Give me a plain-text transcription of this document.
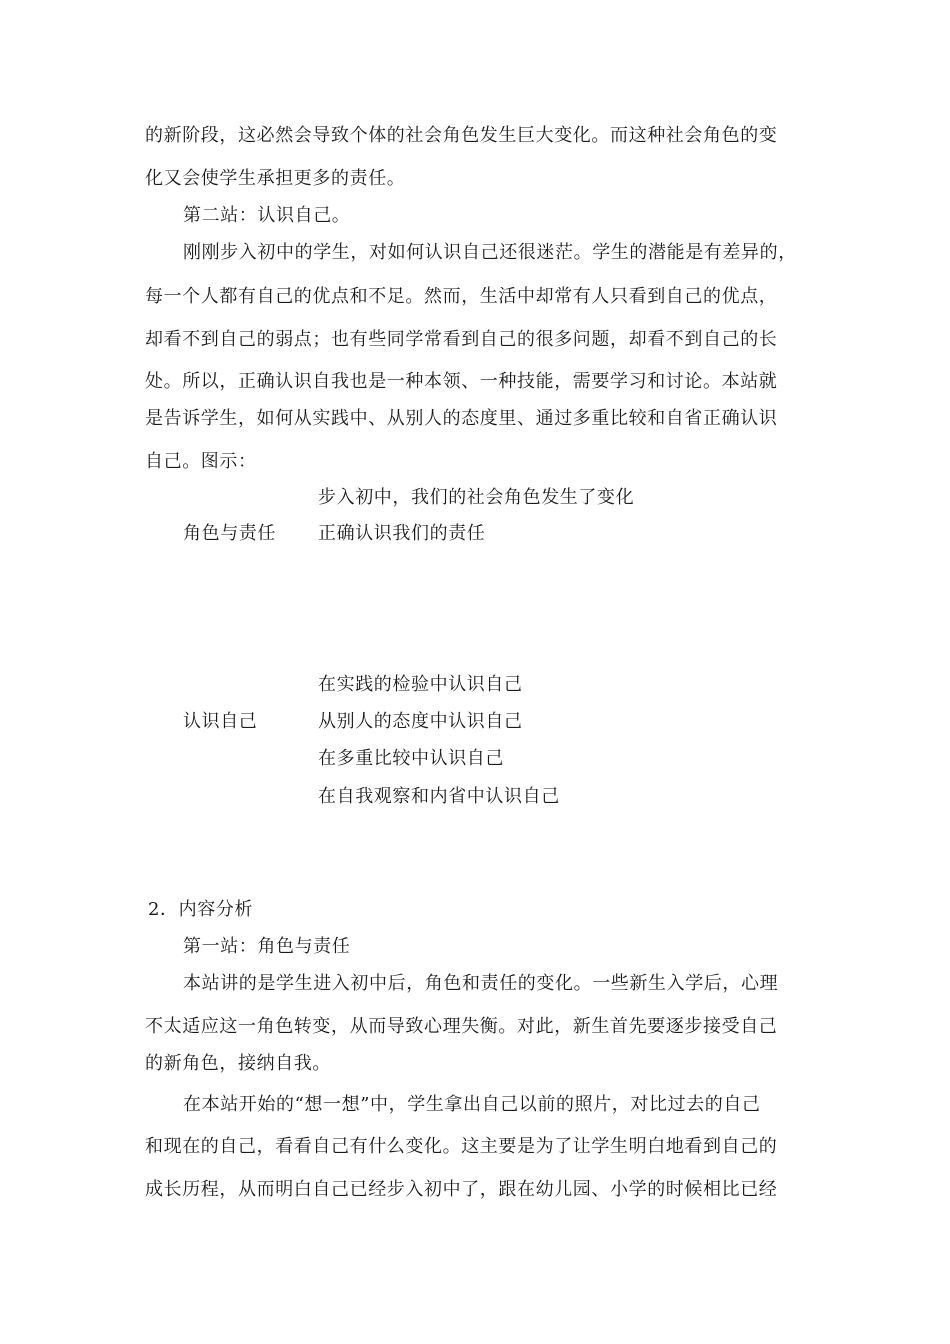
的新阶段，这必然会导致个体的社会角色发生巨大变化。而这种社会角色的变
化又会使学生承担更多的责任。
第二站：认识自己。
刚刚步入初中的学生，对如何认识自己还很迷茫。学生的潜能是有差异的，
每一个人都有自己的优点和不足。然而，生活中却常有人只看到自己的优点，
却看不到自己的弱点；也有些同学常看到自己的很多问题，却看不到自己的长
处。所以，正确认识自我也是一种本领、一种技能，需要学习和讨论。本站就
是告诉学生，如何从实践中、从别人的态度里、通过多重比较和自省正确认识
自己。图示：
步入初中，我们的社会角色发生了变化
角色与责任 正确认识我们的责任
在实践的检验中认识自己
认识自己	从别人的态度中认识自己
在多重比较中认识自己
在自我观察和内省中认识自己
2．内容分析
第一站：角色与责任
本站讲的是学生进入初中后，角色和责任的变化。一些新生入学后，心理
不太适应这一角色转变，从而导致心理失衡。对此，新生首先要逐步接受自己
的新角色，接纳自我。
在本站开始的“想一想”中，学生拿出自己以前的照片，对比过去的自己
和现在的自己，看看自己有什么变化。这主要是为了让学生明白地看到自己的
成长历程，从而明白自己已经步入初中了，跟在幼儿园、小学的时候相比已经
